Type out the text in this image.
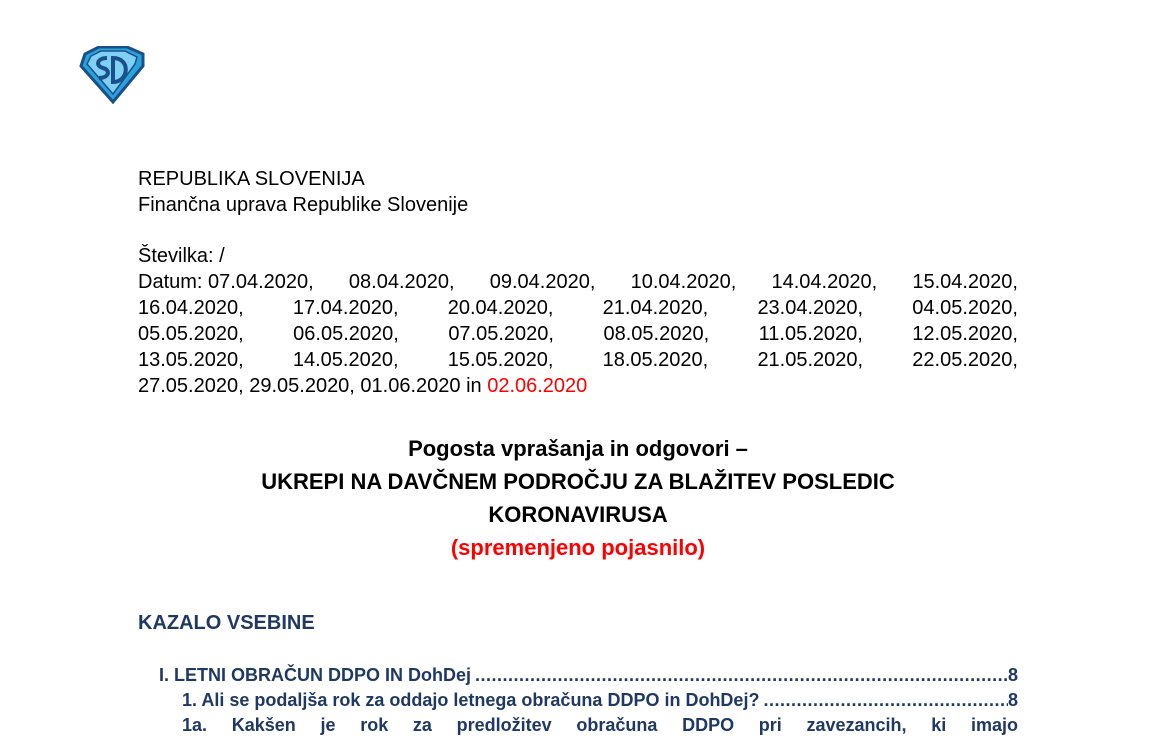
REPUBLIKA SLOVENIJA
Finančna uprava Republike Slovenije
Številka: /
Datum: 07.04.2020, 08.04.2020, 09.04.2020, 10.04.2020, 14.04.2020, 15.04.2020,
16.04.2020, 17.04.2020, 20.04.2020, 21.04.2020, 23.04.2020, 04.05.2020,
05.05.2020, 06.05.2020, 07.05.2020, 08.05.2020, 11.05.2020, 12.05.2020,
13.05.2020, 14.05.2020, 15.05.2020, 18.05.2020, 21.05.2020, 22.05.2020,
27.05.2020, 29.05.2020, 01.06.2020 in 02.06.2020
Pogosta vprašanja in odgovori –
UKREPI NA DAVČNEM PODROČJU ZA BLAŽITEV POSLEDIC
KORONAVIRUSA
(spremenjeno pojasnilo)
KAZALO VSEBINE
I. LETNI OBRAČUN DDPO IN DohDej .....	8
1. Ali se podaljša rok za oddajo letnega obračuna DDPO in DohDej? .....	8
1a. Kakšen je rok za predložitev obračuna DDPO pri zavezancih, ki imajo
